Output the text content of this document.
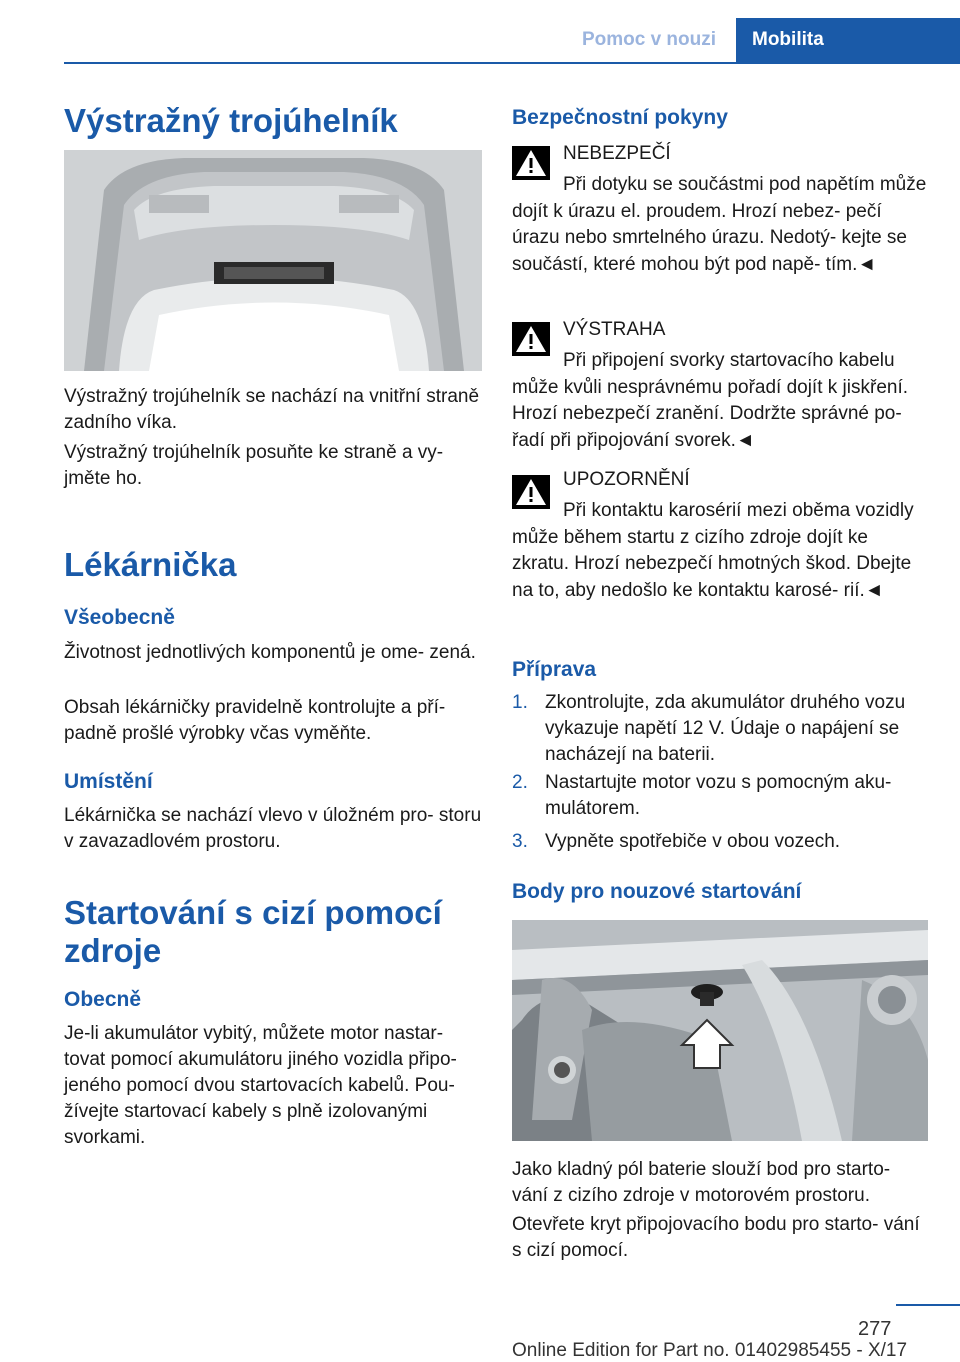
Pomoc v nouzi	Mobilita
Výstražný trojúhelník

Výstražný trojúhelník se nachází na vnitřní straně zadního víka.

Výstražný trojúhelník posuňte ke straně a vy‐ jměte ho.

Lékárnička
Všeobecně

Životnost jednotlivých komponentů je ome‐ zená.

Obsah lékárničky pravidelně kontrolujte a pří‐ padně prošlé výrobky včas vyměňte.

Umístění

Lékárnička se nachází vlevo v úložném pro‐ storu v zavazadlovém prostoru.

Startování s cizí pomocí zdroje
Obecně

Je-li akumulátor vybitý, můžete motor nastar‐ tovat pomocí akumulátoru jiného vozidla připo‐ jeného pomocí dvou startovacích kabelů. Pou‐ žívejte startovací kabely s plně izolovanými svorkami.

Bezpečnostní pokyny
NEBEZPEČÍ

Při dotyku se součástmi pod napětím může dojít k úrazu el. proudem. Hrozí nebez‐ pečí úrazu nebo smrtelného úrazu. Nedotý‐ kejte se součástí, které mohou být pod napě‐ tím.◄

VÝSTRAHA

Při připojení svorky startovacího kabelu může kvůli nesprávnému pořadí dojít k jiskření. Hrozí nebezpečí zranění. Dodržte správné po‐ řadí při připojování svorek.◄

UPOZORNĚNÍ

Při kontaktu karosérií mezi oběma vozidly může během startu z cizího zdroje dojít ke zkratu. Hrozí nebezpečí hmotných škod. Dbejte na to, aby nedošlo ke kontaktu karosé‐ rií.◄

Příprava
1. Zkontrolujte, zda akumulátor druhého vozu vykazuje napětí 12 V. Údaje o napájení se nacházejí na baterii.
2. Nastartujte motor vozu s pomocným aku‐ mulátorem.
3. Vypněte spotřebiče v obou vozech.
Body pro nouzové startování

Jako kladný pól baterie slouží bod pro starto‐ vání z cizího zdroje v motorovém prostoru.

Otevřete kryt připojovacího bodu pro starto‐ vání s cizí pomocí.

277
Online Edition for Part no. 01402985455 - X/17
